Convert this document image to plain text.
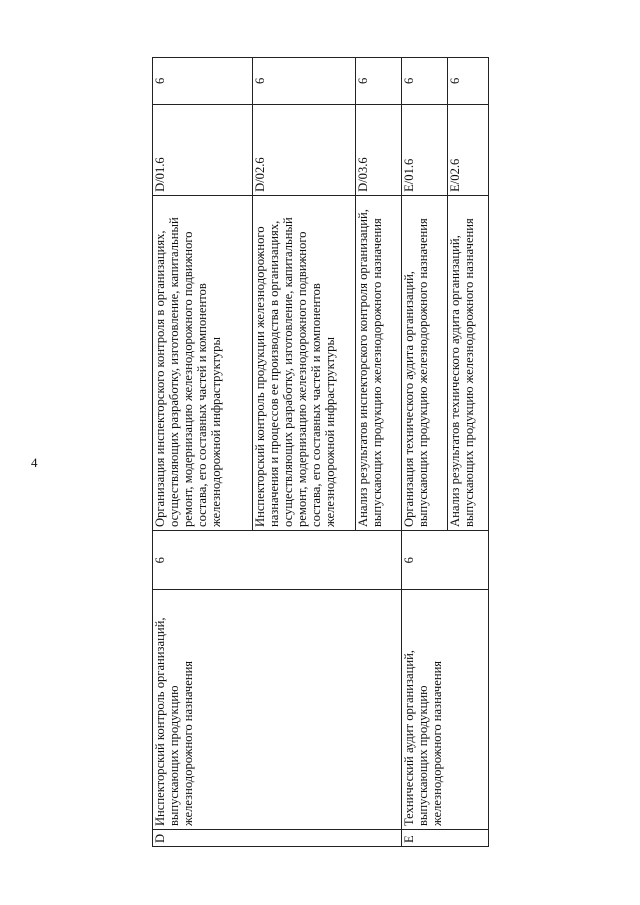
4
D	Инспекторский контроль организаций, выпускающих продукцию железнодорожного назначения	6	Организация инспекторского контроля в организациях, осуществляющих разработку, изготовление, капитальный ремонт, модернизацию железнодорожного подвижного состава, его составных частей и компонентов железнодорожной инфраструктуры	D/01.6	6
			Инспекторский контроль продукции железнодорожного назначения и процессов ее производства в организациях, осуществляющих разработку, изготовление, капитальный ремонт, модернизацию железнодорожного подвижного состава, его составных частей и компонентов железнодорожной инфраструктуры	D/02.6	6
			Анализ результатов инспекторского контроля организаций, выпускающих продукцию железнодорожного назначения	D/03.6	6
E	Технический аудит организаций, выпускающих продукцию железнодорожного назначения	6	Организация технического аудита организаций, выпускающих продукцию железнодорожного назначения	E/01.6	6
			Анализ результатов технического аудита организаций, выпускающих продукцию железнодорожного назначения	E/02.6	6
